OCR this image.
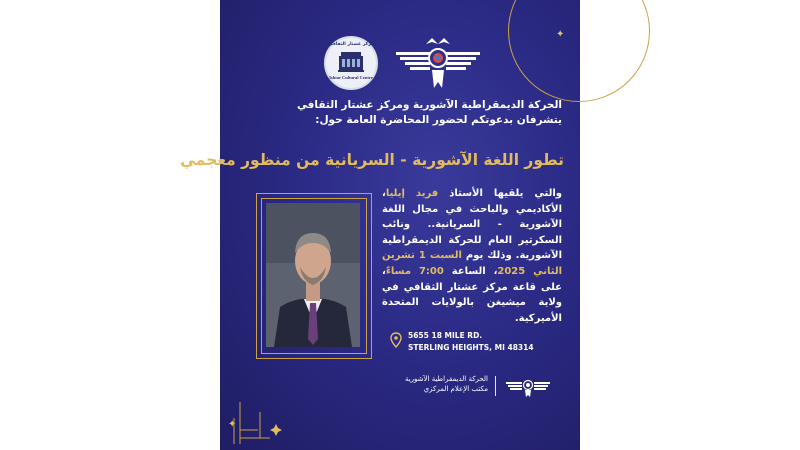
✦
✦
مركز عشتار الثقافي
Ishtar Cultural Centre
الحركة الديمقراطية الآشورية ومركز عشتار الثقافي
يتشرفان بدعوتكم لحضور المحاضرة العامة حول:
تطور اللغة الآشورية - السريانية من منظور معجمي
والتي يلقيها الأستاذ فريد إيليا، الأكاديمي والباحث في مجال اللغة الآشورية - السريانية.. ونائب السكرتير العام للحركة الديمقراطية الآشورية. وذلك يوم السبت 1 تشرين الثاني 2025، الساعة 7:00 مساءً، على قاعة مركز عشتار الثقافي في ولاية ميشيغن بالولايات المتحدة الأميركية.
5655 18 MILE RD.
STERLING HEIGHTS, MI 48314
الحركة الديمقراطية الآشورية
مكتب الإعلام المركزي
